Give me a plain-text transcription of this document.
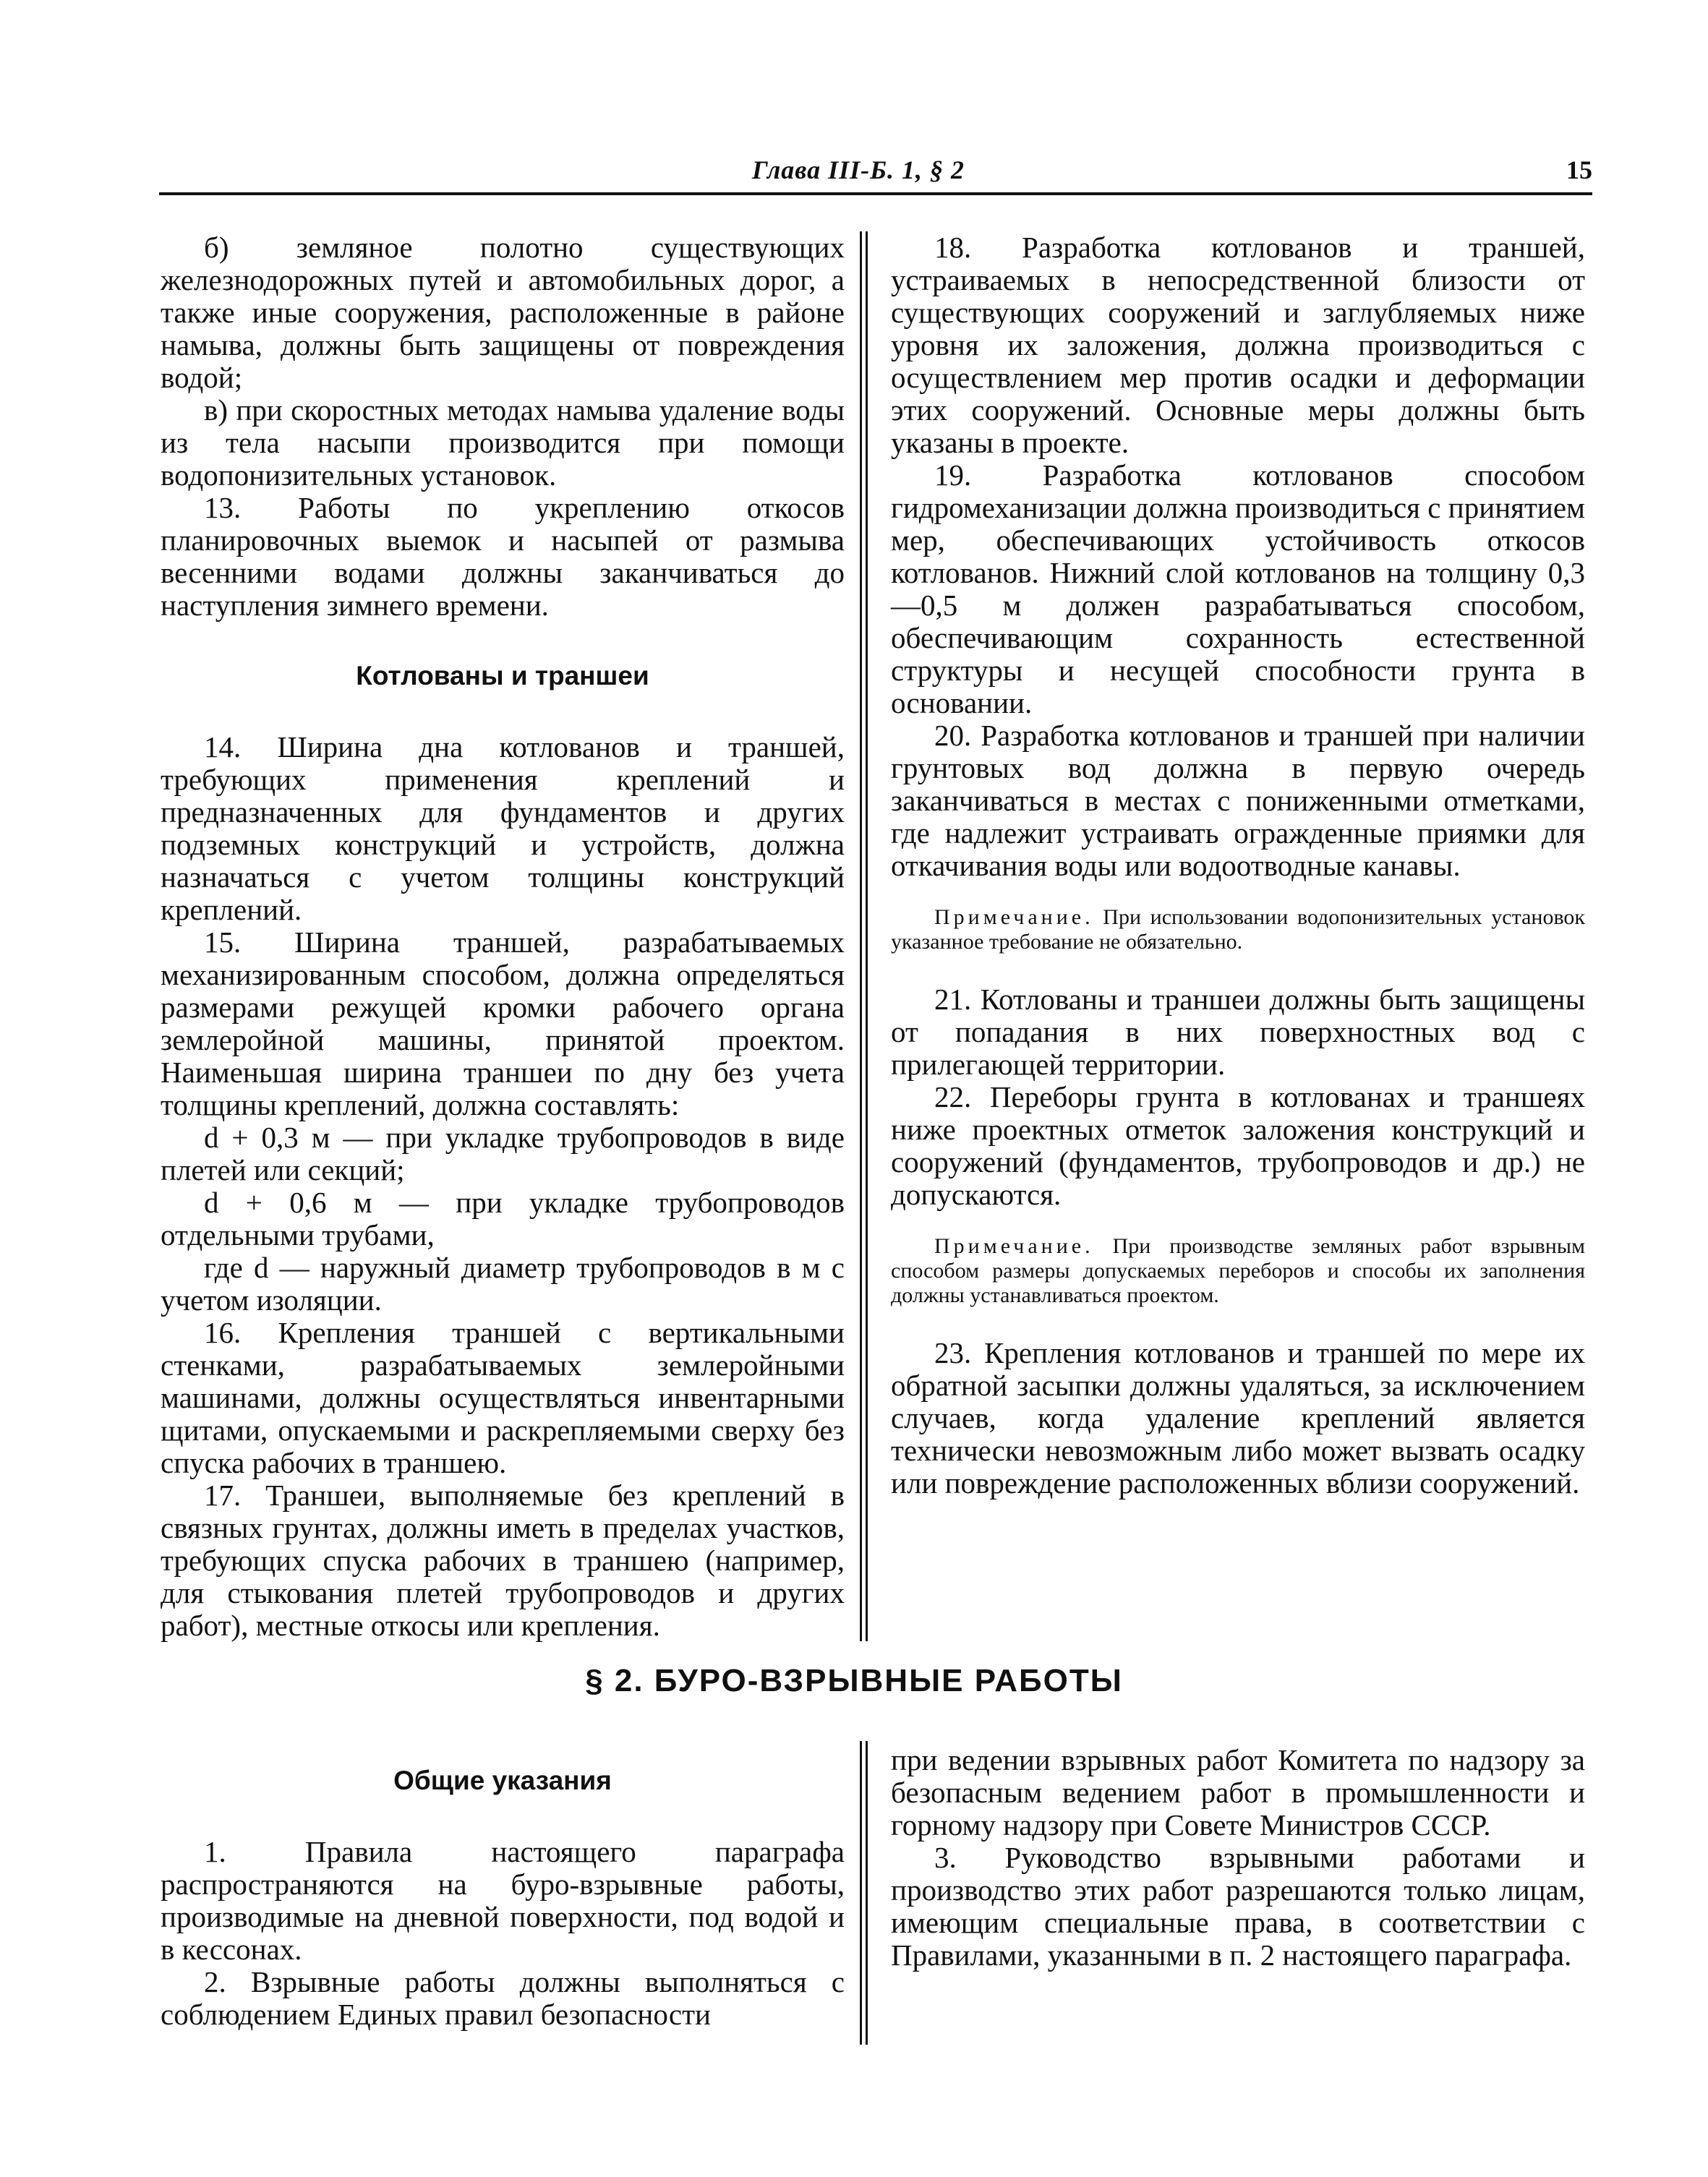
Глава III-Б. 1, § 2	15

б) земляное полотно существующих железнодорожных путей и автомобильных дорог, а также иные сооружения, расположенные в районе намыва, должны быть защищены от повреждения водой;

в) при скоростных методах намыва удаление воды из тела насыпи производится при помощи водопонизительных установок.

13. Работы по укреплению откосов планировочных выемок и насыпей от размыва весенними водами должны заканчиваться до наступления зимнего времени.

Котлованы и траншеи

14. Ширина дна котлованов и траншей, требующих применения креплений и предназначенных для фундаментов и других подземных конструкций и устройств, должна назначаться с учетом толщины конструкций креплений.

15. Ширина траншей, разрабатываемых механизированным способом, должна определяться размерами режущей кромки рабочего органа землеройной машины, принятой проектом. Наименьшая ширина траншеи по дну без учета толщины креплений, должна составлять:

d + 0,3 м — при укладке трубопроводов в виде плетей или секций;

d + 0,6 м — при укладке трубопроводов отдельными трубами,

где d — наружный диаметр трубопроводов в м с учетом изоляции.

16. Крепления траншей с вертикальными стенками, разрабатываемых землеройными машинами, должны осуществляться инвентарными щитами, опускаемыми и раскрепляемыми сверху без спуска рабочих в траншею.

17. Траншеи, выполняемые без креплений в связных грунтах, должны иметь в пределах участков, требующих спуска рабочих в траншею (например, для стыкования плетей трубопроводов и других работ), местные откосы или крепления.

18. Разработка котлованов и траншей, устраиваемых в непосредственной близости от существующих сооружений и заглубляемых ниже уровня их заложения, должна производиться с осуществлением мер против осадки и деформации этих сооружений. Основные меры должны быть указаны в проекте.

19. Разработка котлованов способом гидромеханизации должна производиться с принятием мер, обеспечивающих устойчивость откосов котлованов. Нижний слой котлованов на толщину 0,3—0,5 м должен разрабатываться способом, обеспечивающим сохранность естественной структуры и несущей способности грунта в основании.

20. Разработка котлованов и траншей при наличии грунтовых вод должна в первую очередь заканчиваться в местах с пониженными отметками, где надлежит устраивать огражденные приямки для откачивания воды или водоотводные канавы.

Примечание. При использовании водопонизительных установок указанное требование не обязательно.

21. Котлованы и траншеи должны быть защищены от попадания в них поверхностных вод с прилегающей территории.

22. Переборы грунта в котлованах и траншеях ниже проектных отметок заложения конструкций и сооружений (фундаментов, трубопроводов и др.) не допускаются.

Примечание. При производстве земляных работ взрывным способом размеры допускаемых переборов и способы их заполнения должны устанавливаться проектом.

23. Крепления котлованов и траншей по мере их обратной засыпки должны удаляться, за исключением случаев, когда удаление креплений является технически невозможным либо может вызвать осадку или повреждение расположенных вблизи сооружений.

§ 2. БУРО-ВЗРЫВНЫЕ РАБОТЫ
Общие указания

1. Правила настоящего параграфа распространяются на буро-взрывные работы, производимые на дневной поверхности, под водой и в кессонах.

2. Взрывные работы должны выполняться с соблюдением Единых правил безопасности

при ведении взрывных работ Комитета по надзору за безопасным ведением работ в промышленности и горному надзору при Совете Министров СССР.

3. Руководство взрывными работами и производство этих работ разрешаются только лицам, имеющим специальные права, в соответствии с Правилами, указанными в п. 2 настоящего параграфа.
